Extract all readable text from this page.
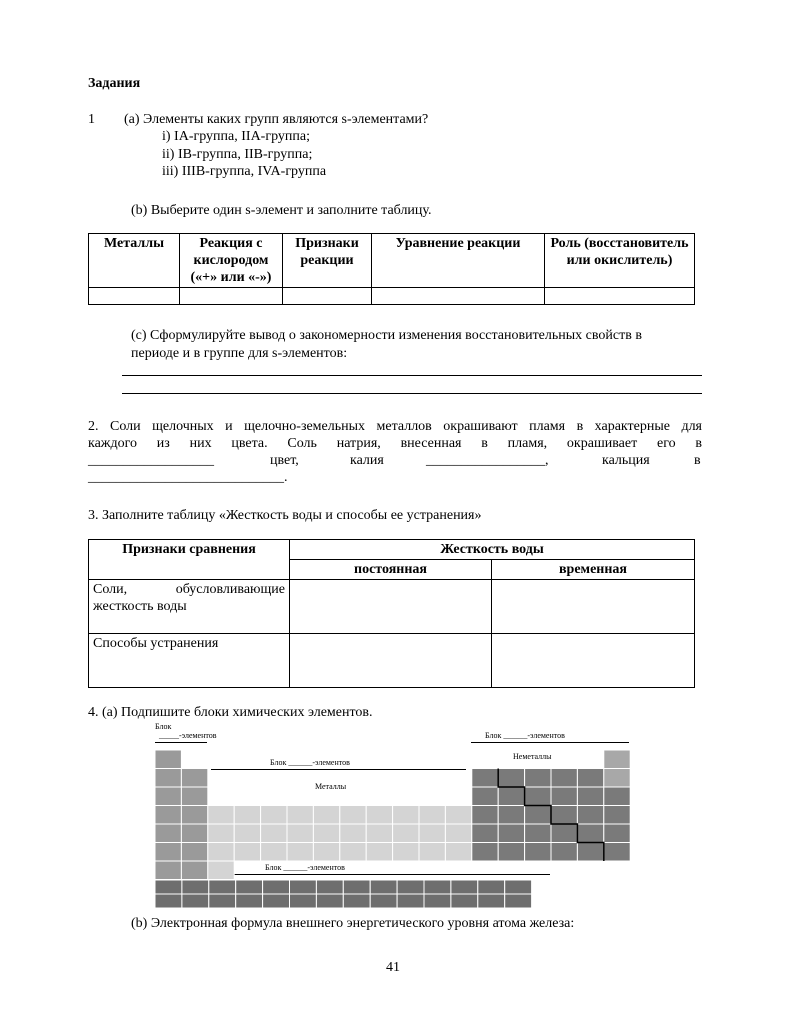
Задания
1 (a) Элементы каких групп являются s-элементами?
i) IA-группа, IIA-группа;
ii) IB-группа, IIB-группа;
iii) IIIB-группа, IVA-группа
(b) Выберите один s-элемент и заполните таблицу.
Металлы	Реакция с кислородом («+» или «-»)	Признаки реакции	Уравнение реакции	Роль (восстановитель или окислитель)

(с) Сформулируйте вывод о закономерности изменения восстановительных свойств в
периоде и в группе для s-элементов:
2. Соли щелочных и щелочно-земельных металлов окрашивают пламя в характерные для
каждого из них цвета. Соль натрия, внесенная в пламя, окрашивает его в
__________________	цвет,	калия	_________________,	кальция	в
____________________________.
3. Заполните таблицу «Жесткость воды и способы ее устранения»
Признаки сравнения	Жесткость воды	
	постоянная	временная
Соли, обусловливающие жесткость воды		
Способы устранения		
4. (a) Подпишите блоки химических элементов.
Блок
_____-элементов
Блок ______-элементов
Металлы
Блок ______-элементов
Неметаллы
Блок ______-элементов
(b) Электронная формула внешнего энергетического уровня атома железа:
41
